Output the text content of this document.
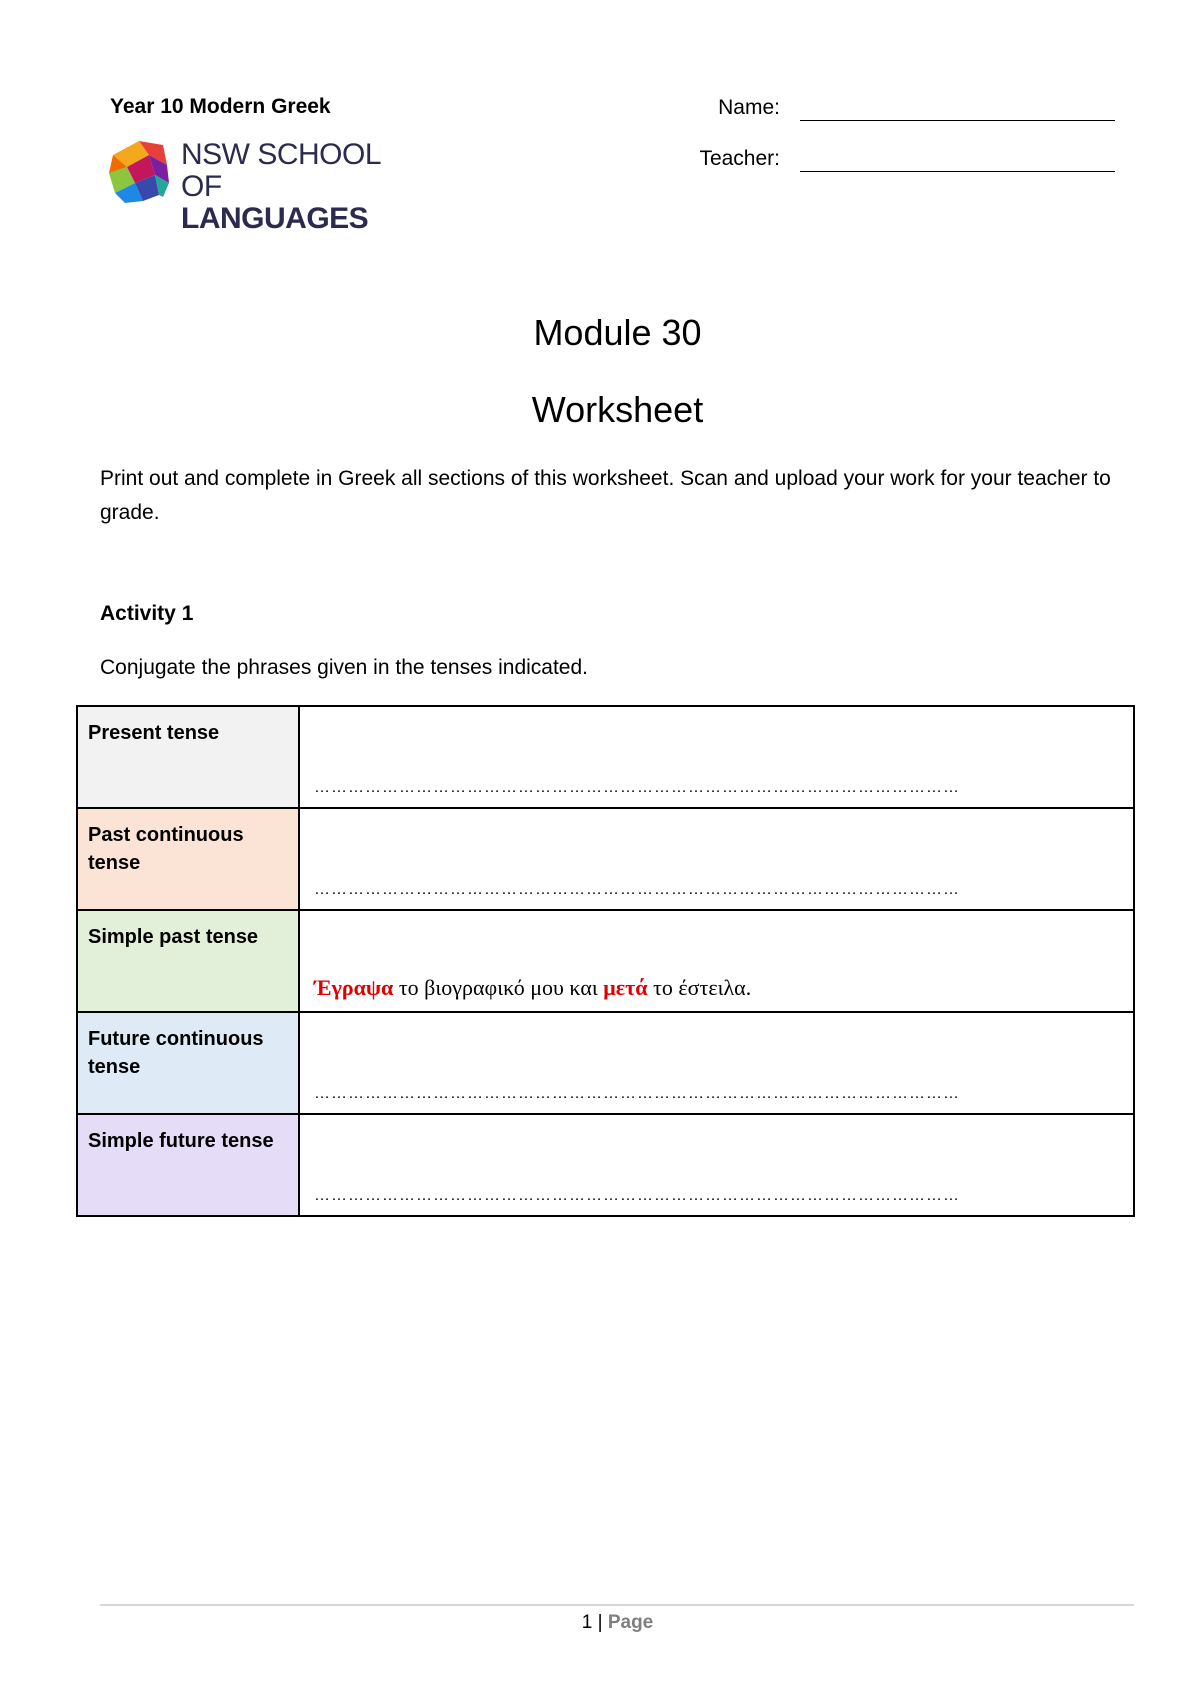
Year 10 Modern Greek
NSW SCHOOL
OF LANGUAGES
Name:
Teacher:
Module 30
Worksheet
Print out and complete in Greek all sections of this worksheet. Scan and upload your work for your teacher to grade.
Activity 1
Conjugate the phrases given in the tenses indicated.
Present tense	……………………………………………………………………………………………………

Past continuous tense	……………………………………………………………………………………………………

Simple past tense	Έγραψα το βιογραφικό μου και μετά το έστειλα.

Future continuous tense	……………………………………………………………………………………………………

Simple future tense	……………………………………………………………………………………………………
1 | Page
